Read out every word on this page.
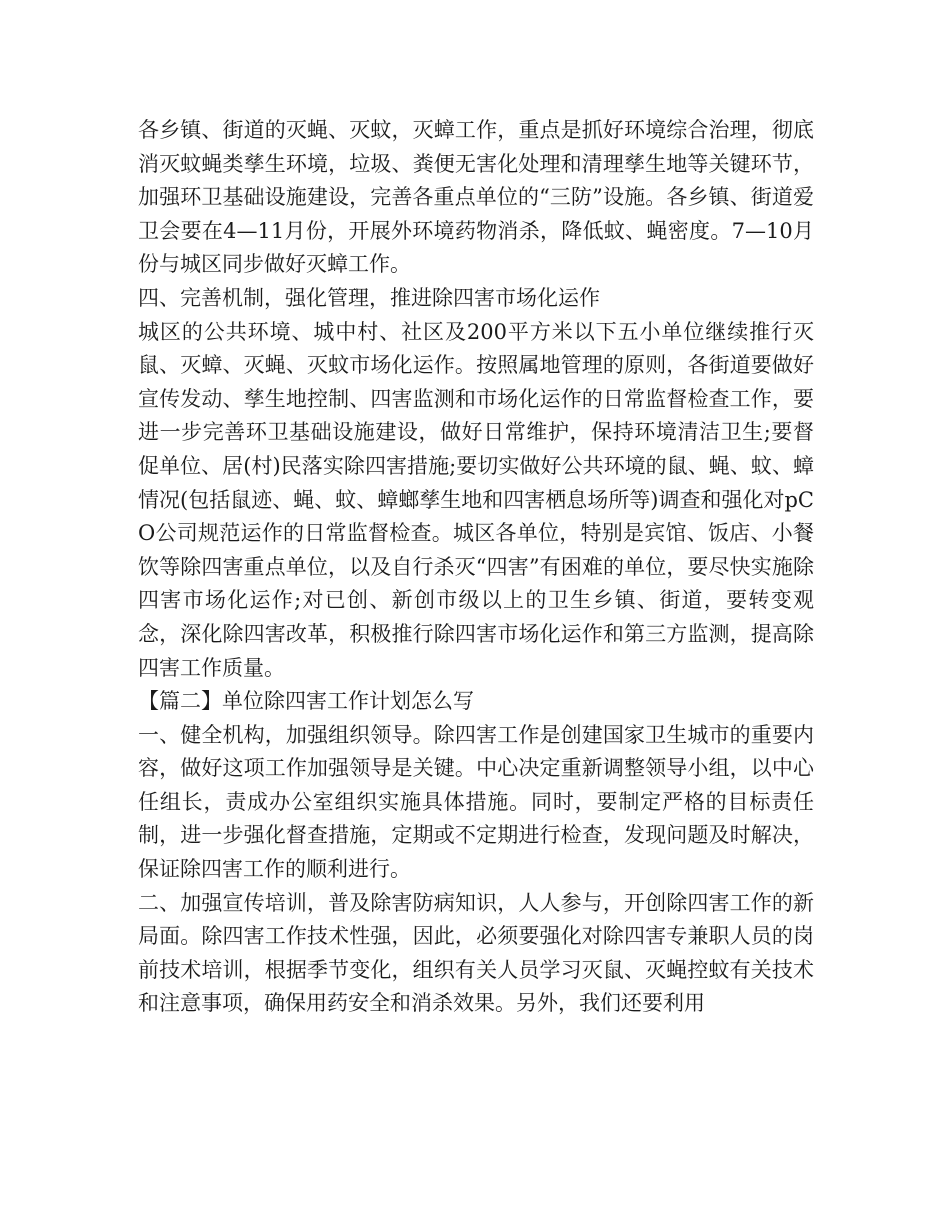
各乡镇、街道的灭蝇、灭蚊，灭蟑工作，重点是抓好环境综合治理，彻底消灭蚊蝇类孳生环境，垃圾、粪便无害化处理和清理孳生地等关键环节，加强环卫基础设施建设，完善各重点单位的“三防”设施。各乡镇、街道爱卫会要在4—11月份，开展外环境药物消杀，降低蚊、蝇密度。7—10月份与城区同步做好灭蟑工作。

四、完善机制，强化管理，推进除四害市场化运作

城区的公共环境、城中村、社区及200平方米以下五小单位继续推行灭鼠、灭蟑、灭蝇、灭蚊市场化运作。按照属地管理的原则，各街道要做好宣传发动、孳生地控制、四害监测和市场化运作的日常监督检查工作，要进一步完善环卫基础设施建设，做好日常维护，保持环境清洁卫生;要督促单位、居(村)民落实除四害措施;要切实做好公共环境的鼠、蝇、蚊、蟑情况(包括鼠迹、蝇、蚊、蟑螂孳生地和四害栖息场所等)调查和强化对pCO公司规范运作的日常监督检查。城区各单位，特别是宾馆、饭店、小餐饮等除四害重点单位，以及自行杀灭“四害”有困难的单位，要尽快实施除四害市场化运作;对已创、新创市级以上的卫生乡镇、街道，要转变观念，深化除四害改革，积极推行除四害市场化运作和第三方监测，提高除四害工作质量。

【篇二】单位除四害工作计划怎么写

一、健全机构，加强组织领导。除四害工作是创建国家卫生城市的重要内容，做好这项工作加强领导是关键。中心决定重新调整领导小组，以中心任组长，责成办公室组织实施具体措施。同时，要制定严格的目标责任制，进一步强化督查措施，定期或不定期进行检查，发现问题及时解决，保证除四害工作的顺利进行。

二、加强宣传培训，普及除害防病知识，人人参与，开创除四害工作的新局面。除四害工作技术性强，因此，必须要强化对除四害专兼职人员的岗前技术培训，根据季节变化，组织有关人员学习灭鼠、灭蝇控蚊有关技术和注意事项，确保用药安全和消杀效果。另外，我们还要利用
